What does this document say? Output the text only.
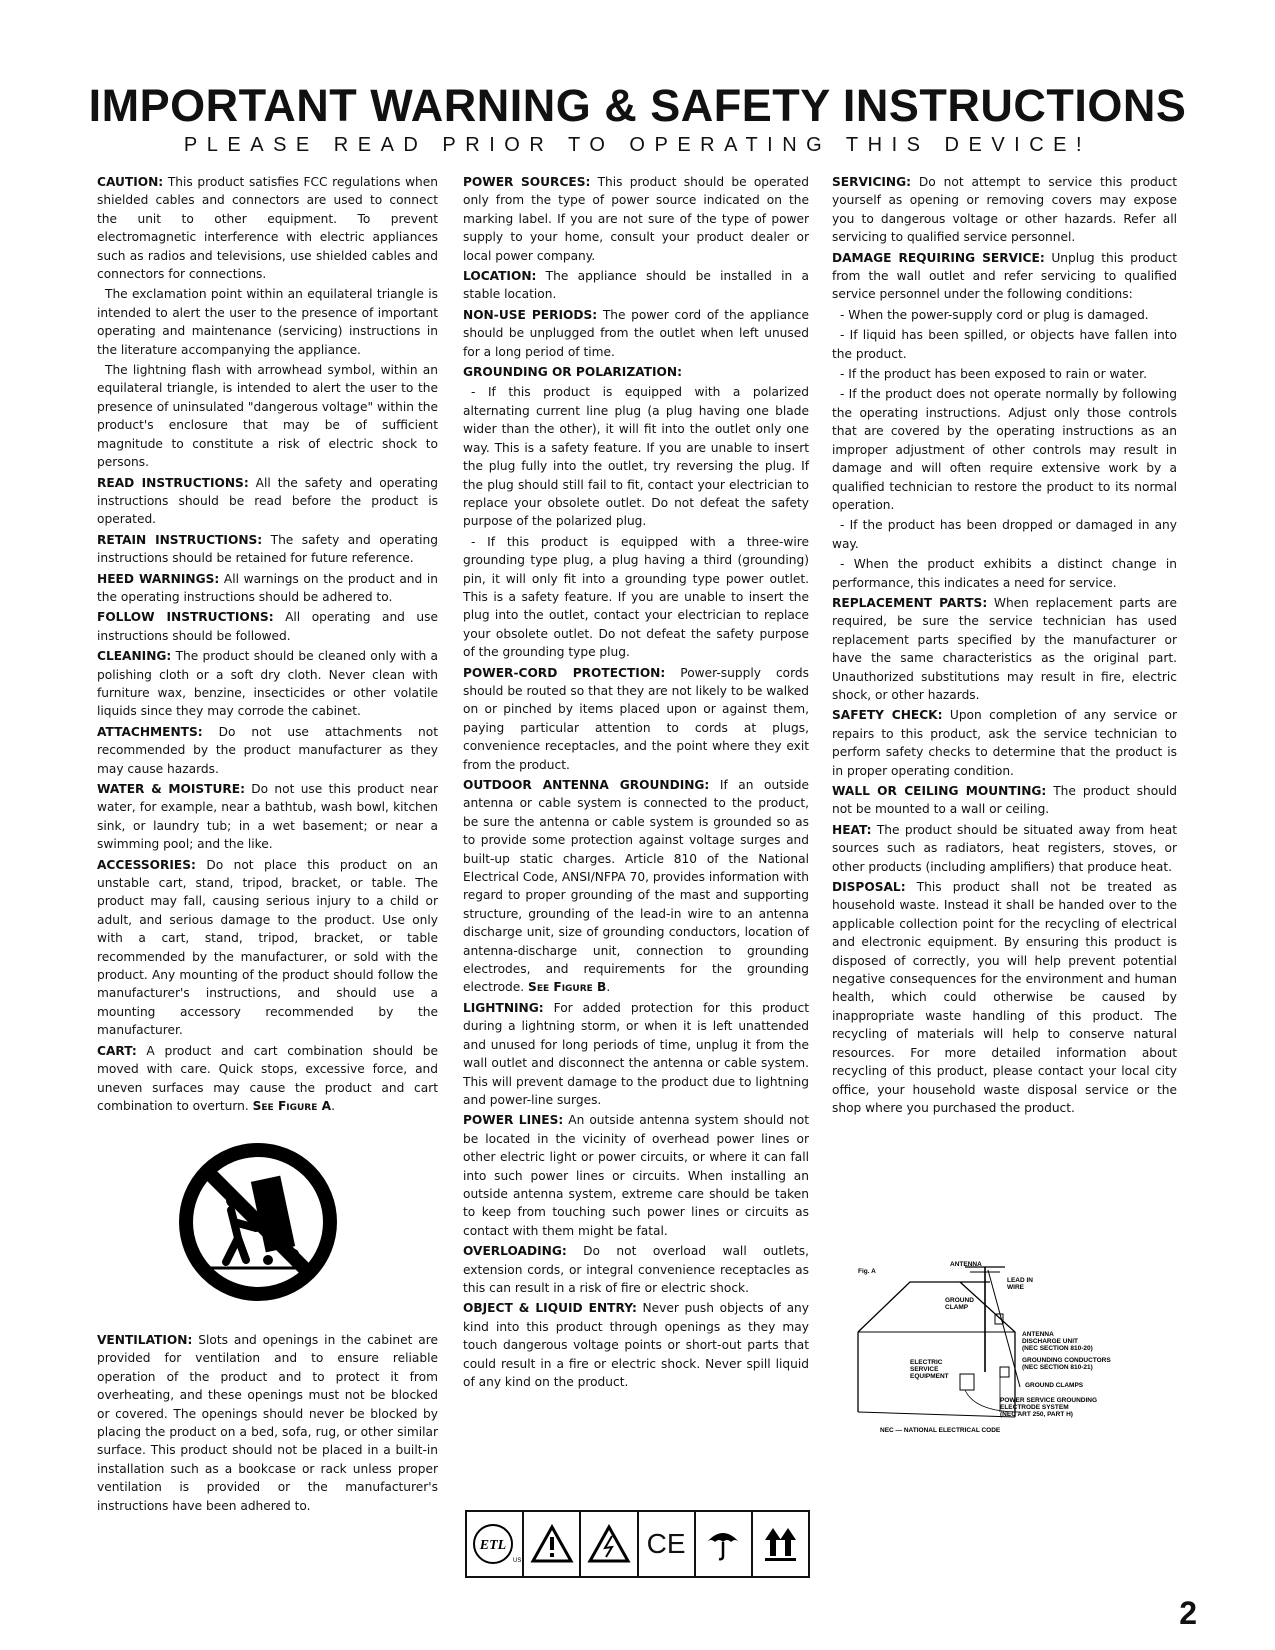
IMPORTANT WARNING & SAFETY INSTRUCTIONS
PLEASE READ PRIOR TO OPERATING THIS DEVICE!

CAUTION: This product satisfies FCC regulations when shielded cables and connectors are used to connect the unit to other equipment. To prevent electromagnetic interference with electric appliances such as radios and televisions, use shielded cables and connectors for connections.

The exclamation point within an equilateral triangle is intended to alert the user to the presence of important operating and maintenance (servicing) instructions in the literature accompanying the appliance.

The lightning flash with arrowhead symbol, within an equilateral triangle, is intended to alert the user to the presence of uninsulated "dangerous voltage" within the product's enclosure that may be of sufficient magnitude to constitute a risk of electric shock to persons.

READ INSTRUCTIONS: All the safety and operating instructions should be read before the product is operated.

RETAIN INSTRUCTIONS: The safety and operating instructions should be retained for future reference.

HEED WARNINGS: All warnings on the product and in the operating instructions should be adhered to.

FOLLOW INSTRUCTIONS: All operating and use instructions should be followed.

CLEANING: The product should be cleaned only with a polishing cloth or a soft dry cloth. Never clean with furniture wax, benzine, insecticides or other volatile liquids since they may corrode the cabinet.

ATTACHMENTS: Do not use attachments not recommended by the product manufacturer as they may cause hazards.

WATER & MOISTURE: Do not use this product near water, for example, near a bathtub, wash bowl, kitchen sink, or laundry tub; in a wet basement; or near a swimming pool; and the like.

ACCESSORIES: Do not place this product on an unstable cart, stand, tripod, bracket, or table. The product may fall, causing serious injury to a child or adult, and serious damage to the product. Use only with a cart, stand, tripod, bracket, or table recommended by the manufacturer, or sold with the product. Any mounting of the product should follow the manufacturer's instructions, and should use a mounting accessory recommended by the manufacturer.

CART: A product and cart combination should be moved with care. Quick stops, excessive force, and uneven surfaces may cause the product and cart combination to overturn. See Figure A.

VENTILATION: Slots and openings in the cabinet are provided for ventilation and to ensure reliable operation of the product and to protect it from overheating, and these openings must not be blocked or covered. The openings should never be blocked by placing the product on a bed, sofa, rug, or other similar surface. This product should not be placed in a built-in installation such as a bookcase or rack unless proper ventilation is provided or the manufacturer's instructions have been adhered to.

POWER SOURCES: This product should be operated only from the type of power source indicated on the marking label. If you are not sure of the type of power supply to your home, consult your product dealer or local power company.

LOCATION: The appliance should be installed in a stable location.

NON-USE PERIODS: The power cord of the appliance should be unplugged from the outlet when left unused for a long period of time.

GROUNDING OR POLARIZATION:

- If this product is equipped with a polarized alternating current line plug (a plug having one blade wider than the other), it will fit into the outlet only one way. This is a safety feature. If you are unable to insert the plug fully into the outlet, try reversing the plug. If the plug should still fail to fit, contact your electrician to replace your obsolete outlet. Do not defeat the safety purpose of the polarized plug.

- If this product is equipped with a three-wire grounding type plug, a plug having a third (grounding) pin, it will only fit into a grounding type power outlet. This is a safety feature. If you are unable to insert the plug into the outlet, contact your electrician to replace your obsolete outlet. Do not defeat the safety purpose of the grounding type plug.

POWER-CORD PROTECTION: Power-supply cords should be routed so that they are not likely to be walked on or pinched by items placed upon or against them, paying particular attention to cords at plugs, convenience receptacles, and the point where they exit from the product.

OUTDOOR ANTENNA GROUNDING: If an outside antenna or cable system is connected to the product, be sure the antenna or cable system is grounded so as to provide some protection against voltage surges and built-up static charges. Article 810 of the National Electrical Code, ANSI/NFPA 70, provides information with regard to proper grounding of the mast and supporting structure, grounding of the lead-in wire to an antenna discharge unit, size of grounding conductors, location of antenna-discharge unit, connection to grounding electrodes, and requirements for the grounding electrode. See Figure B.

LIGHTNING: For added protection for this product during a lightning storm, or when it is left unattended and unused for long periods of time, unplug it from the wall outlet and disconnect the antenna or cable system. This will prevent damage to the product due to lightning and power-line surges.

POWER LINES: An outside antenna system should not be located in the vicinity of overhead power lines or other electric light or power circuits, or where it can fall into such power lines or circuits. When installing an outside antenna system, extreme care should be taken to keep from touching such power lines or circuits as contact with them might be fatal.

OVERLOADING: Do not overload wall outlets, extension cords, or integral convenience receptacles as this can result in a risk of fire or electric shock.

OBJECT & LIQUID ENTRY: Never push objects of any kind into this product through openings as they may touch dangerous voltage points or short-out parts that could result in a fire or electric shock. Never spill liquid of any kind on the product.

SERVICING: Do not attempt to service this product yourself as opening or removing covers may expose you to dangerous voltage or other hazards. Refer all servicing to qualified service personnel.

DAMAGE REQUIRING SERVICE: Unplug this product from the wall outlet and refer servicing to qualified service personnel under the following conditions:

- When the power-supply cord or plug is damaged.

- If liquid has been spilled, or objects have fallen into the product.

- If the product has been exposed to rain or water.

- If the product does not operate normally by following the operating instructions. Adjust only those controls that are covered by the operating instructions as an improper adjustment of other controls may result in damage and will often require extensive work by a qualified technician to restore the product to its normal operation.

- If the product has been dropped or damaged in any way.

- When the product exhibits a distinct change in performance, this indicates a need for service.

REPLACEMENT PARTS: When replacement parts are required, be sure the service technician has used replacement parts specified by the manufacturer or have the same characteristics as the original part. Unauthorized substitutions may result in fire, electric shock, or other hazards.

SAFETY CHECK: Upon completion of any service or repairs to this product, ask the service technician to perform safety checks to determine that the product is in proper operating condition.

WALL OR CEILING MOUNTING: The product should not be mounted to a wall or ceiling.

HEAT: The product should be situated away from heat sources such as radiators, heat registers, stoves, or other products (including amplifiers) that produce heat.

DISPOSAL: This product shall not be treated as household waste. Instead it shall be handed over to the applicable collection point for the recycling of electrical and electronic equipment. By ensuring this product is disposed of correctly, you will help prevent potential negative consequences for the environment and human health, which could otherwise be caused by inappropriate waste handling of this product. The recycling of materials will help to conserve natural resources. For more detailed information about recycling of this product, please contact your local city office, your household waste disposal service or the shop where you purchased the product.

Fig. A
ANTENNA
LEAD IN
WIRE
GROUND
CLAMP
ANTENNA
DISCHARGE UNIT
(NEC SECTION 810-20)
GROUNDING CONDUCTORS
(NEC SECTION 810-21)
ELECTRIC
SERVICE
EQUIPMENT
GROUND CLAMPS
POWER SERVICE GROUNDING
ELECTRODE SYSTEM
(NEC ART 250, PART H)
NEC — NATIONAL ELECTRICAL CODE
ETL
US
CE
2
